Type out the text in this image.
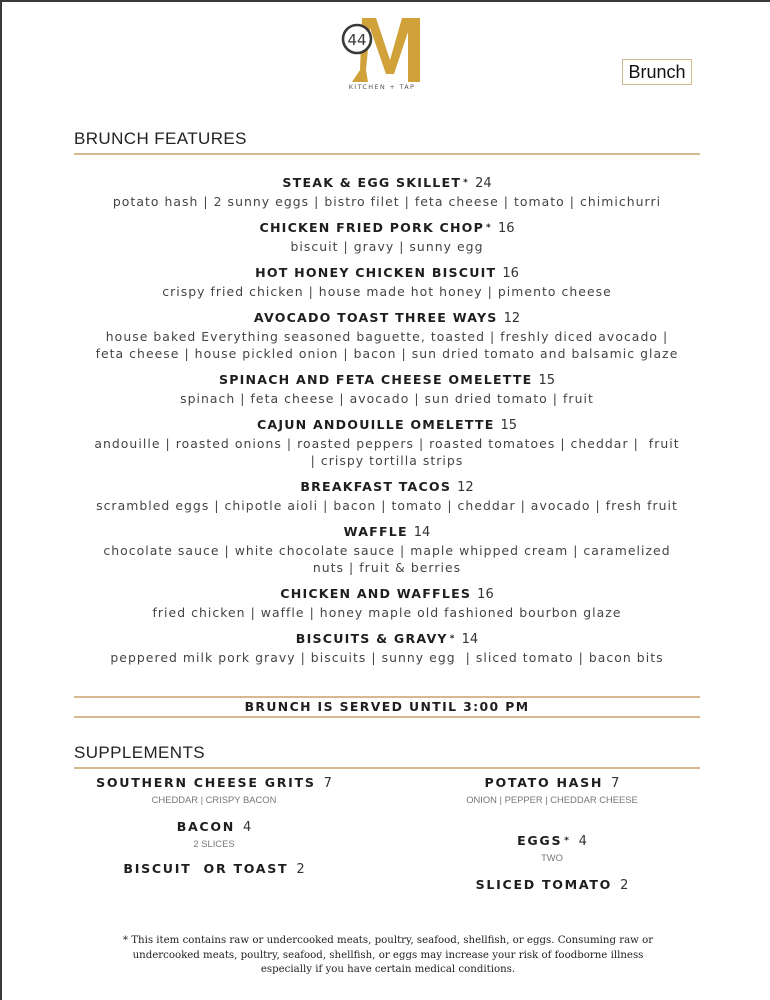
44
KITCHEN + TAP
Brunch
BRUNCH FEATURES
STEAK & EGG SKILLET * 24
potato hash | 2 sunny eggs | bistro filet | feta cheese | tomato | chimichurri
CHICKEN FRIED PORK CHOP * 16
biscuit | gravy | sunny egg
HOT HONEY CHICKEN BISCUIT 16
crispy fried chicken | house made hot honey | pimento cheese
AVOCADO TOAST THREE WAYS 12
house baked Everything seasoned baguette, toasted | freshly diced avocado |
feta cheese | house pickled onion | bacon | sun dried tomato and balsamic glaze
SPINACH AND FETA CHEESE OMELETTE 15
spinach | feta cheese | avocado | sun dried tomato | fruit
CAJUN ANDOUILLE OMELETTE 15
andouille | roasted onions | roasted peppers | roasted tomatoes | cheddar |  fruit
| crispy tortilla strips
BREAKFAST TACOS 12
scrambled eggs | chipotle aioli | bacon | tomato | cheddar | avocado | fresh fruit
WAFFLE 14
chocolate sauce | white chocolate sauce | maple whipped cream | caramelized
nuts | fruit & berries
CHICKEN AND WAFFLES 16
fried chicken | waffle | honey maple old fashioned bourbon glaze
BISCUITS & GRAVY * 14
peppered milk pork gravy | biscuits | sunny egg  | sliced tomato | bacon bits
BRUNCH IS SERVED UNTIL 3:00 PM
SUPPLEMENTS
SOUTHERN CHEESE GRITS 7
CHEDDAR | CRISPY BACON
BACON 4
2 SLICES
BISCUIT  OR TOAST 2
POTATO HASH 7
ONION | PEPPER | CHEDDAR CHEESE
EGGS * 4
TWO
SLICED TOMATO 2
* This item contains raw or undercooked meats, poultry, seafood, shellfish, or eggs. Consuming raw or
undercooked meats, poultry, seafood, shellfish, or eggs may increase your risk of foodborne illness
especially if you have certain medical conditions.
